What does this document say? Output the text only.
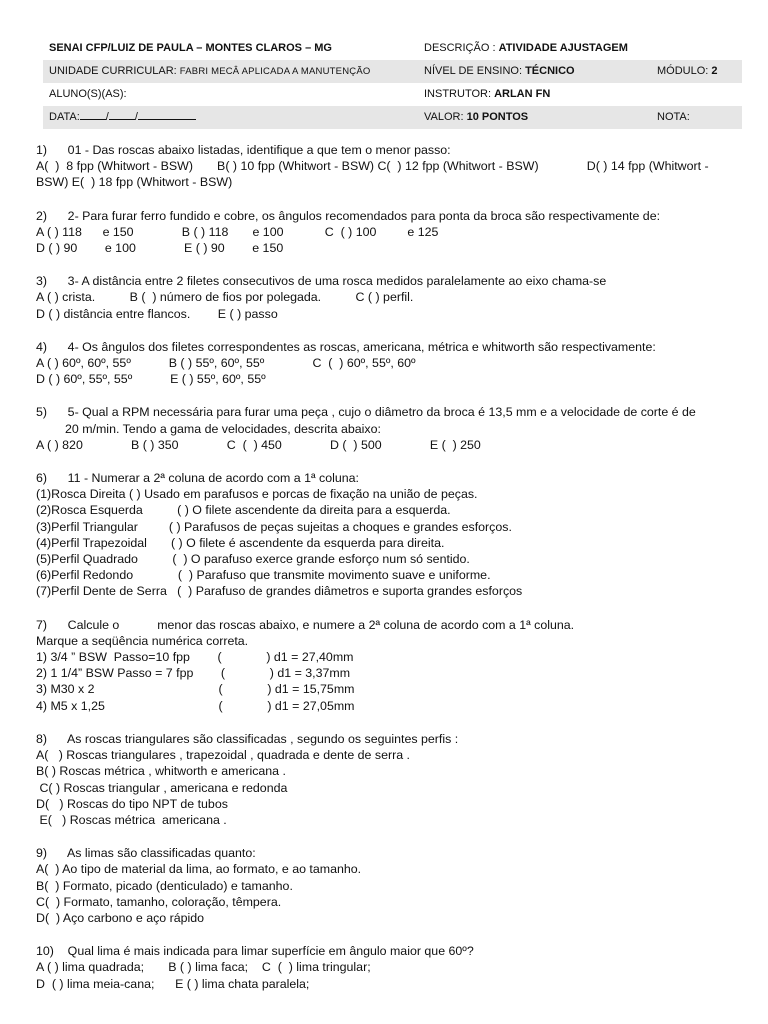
SENAI CFP/LUIZ DE PAULA – MONTES CLAROS – MG	DESCRIÇÃO : ATIVIDADE AJUSTAGEM
UNIDADE CURRICULAR: FABRI MECÂ APLICADA A MANUTENÇÃO	NÍVEL DE ENSINO: TÉCNICO	MÓDULO: 2
ALUNO(S)(AS):	INSTRUTOR: ARLAN FN
DATA: / /	VALOR: 10 PONTOS	NOTA:

1)      01 - Das roscas abaixo listadas, identifique a que tem o menor passo:

A(  )  8 fpp (Whitwort - BSW)       B( ) 10 fpp (Whitwort - BSW) C(  ) 12 fpp (Whitwort - BSW)              D( ) 14 fpp (Whitwort -

BSW) E(  ) 18 fpp (Whitwort - BSW)

2)      2- Para furar ferro fundido e cobre, os ângulos recomendados para ponta da broca são respectivamente de:

A ( ) 118      e 150              B ( ) 118       e 100            C  ( ) 100         e 125

D ( ) 90        e 100              E ( ) 90        e 150

3)      3- A distância entre 2 filetes consecutivos de uma rosca medidos paralelamente ao eixo chama-se

A ( ) crista.          B (  ) número de fios por polegada.          C ( ) perfil.

D ( ) distância entre flancos.        E ( ) passo

4)      4- Os ângulos dos filetes correspondentes as roscas, americana, métrica e whitworth são respectivamente:

A ( ) 60º, 60º, 55º           B ( ) 55º, 60º, 55º              C  (  ) 60º, 55º, 60º

D ( ) 60º, 55º, 55º           E ( ) 55º, 60º, 55º

5)      5- Qual a RPM necessária para furar uma peça , cujo o diâmetro da broca é 13,5 mm e a velocidade de corte é de

20 m/min. Tendo a gama de velocidades, descrita abaixo:

A ( ) 820              B ( ) 350              C  (  ) 450              D (  ) 500              E (  ) 250

6)      11 - Numerar a 2ª coluna de acordo com a 1ª coluna:

(1)Rosca Direita ( ) Usado em parafusos e porcas de fixação na união de peças.

(2)Rosca Esquerda          ( ) O filete ascendente da direita para a esquerda.

(3)Perfil Triangular         ( ) Parafusos de peças sujeitas a choques e grandes esforços.

(4)Perfil Trapezoidal       ( ) O filete é ascendente da esquerda para direita.

(5)Perfil Quadrado          (  ) O parafuso exerce grande esforço num só sentido.

(6)Perfil Redondo             (  ) Parafuso que transmite movimento suave e uniforme.

(7)Perfil Dente de Serra   (  ) Parafuso de grandes diâmetros e suporta grandes esforços

7)      Calcule o           menor das roscas abaixo, e numere a 2ª coluna de acordo com a 1ª coluna.

Marque a seqüência numérica correta.

1) 3/4 ” BSW  Passo=10 fpp        (             ) d1 = 27,40mm

2) 1 1/4” BSW Passo = 7 fpp        (             ) d1 = 3,37mm

3) M30 x 2                                    (             ) d1 = 15,75mm

4) M5 x 1,25                                 (             ) d1 = 27,05mm

8)      As roscas triangulares são classificadas , segundo os seguintes perfis :

A(   ) Roscas triangulares , trapezoidal , quadrada e dente de serra .

B( ) Roscas métrica , whitworth e americana .

C( ) Roscas triangular , americana e redonda

D(   ) Roscas do tipo NPT de tubos

E(   ) Roscas métrica  americana .

9)      As limas são classificadas quanto:

A(  ) Ao tipo de material da lima, ao formato, e ao tamanho.

B(  ) Formato, picado (denticulado) e tamanho.

C(  ) Formato, tamanho, coloração, têmpera.

D(  ) Aço carbono e aço rápido

10)    Qual lima é mais indicada para limar superfície em ângulo maior que 60º?

A ( ) lima quadrada;       B ( ) lima faca;    C  (  ) lima tringular;

D  ( ) lima meia-cana;      E ( ) lima chata paralela;
